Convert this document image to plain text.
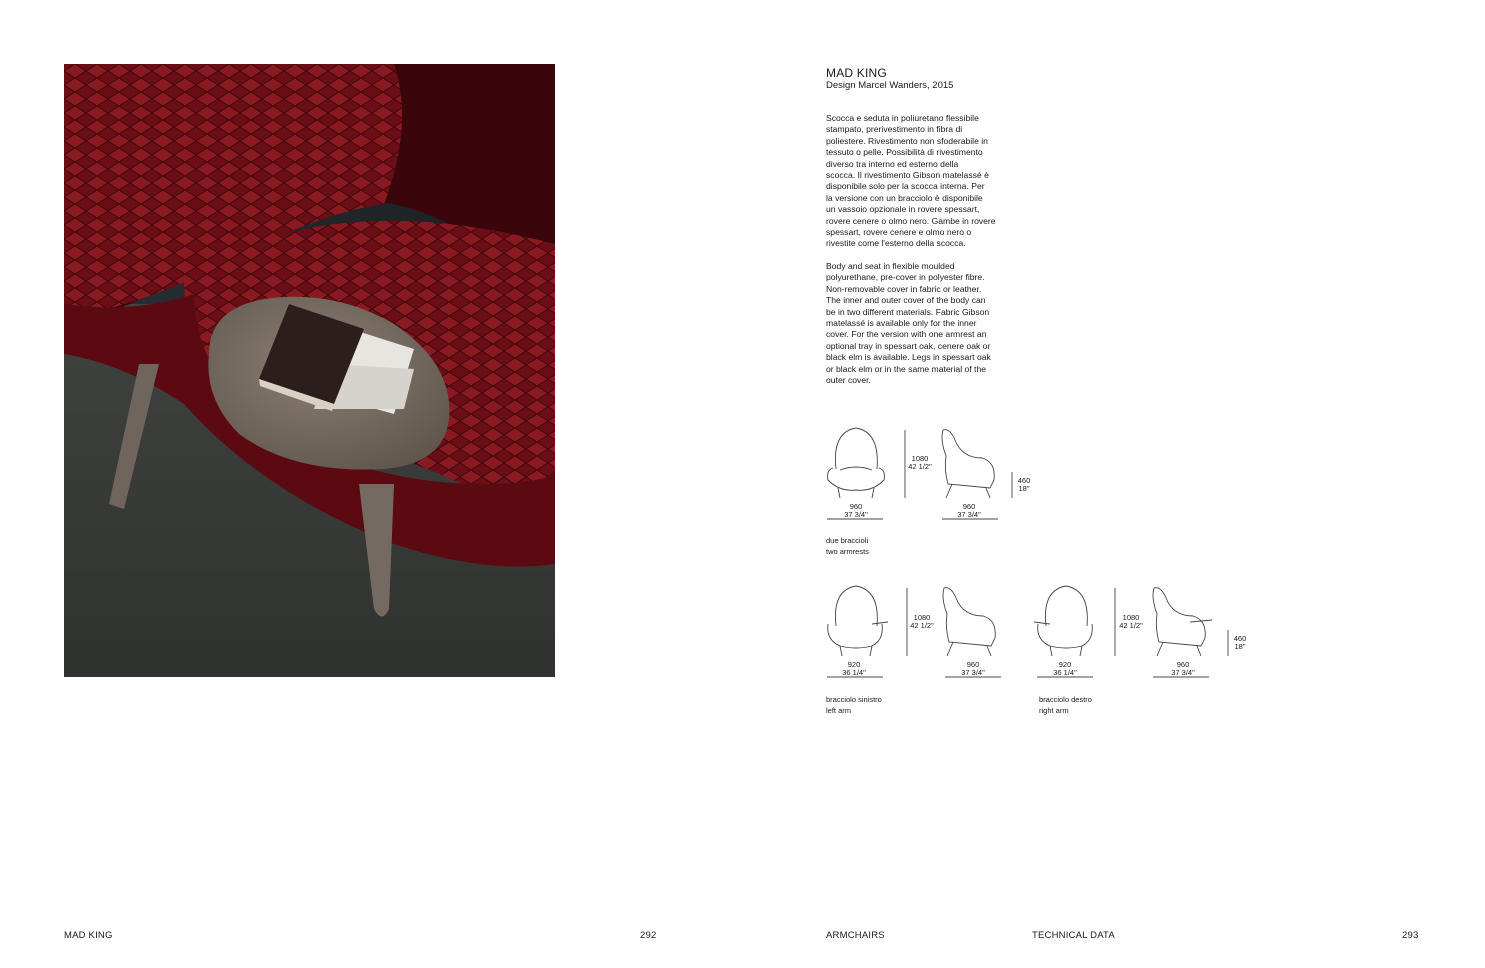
MAD KING
Design Marcel Wanders, 2015
Scocca e seduta in poliuretano flessibile
stampato, prerivestimento in fibra di
poliestere. Rivestimento non sfoderabile in
tessuto o pelle. Possibilità di rivestimento
diverso tra interno ed esterno della
scocca. Il rivestimento Gibson matelassé è
disponibile solo per la scocca interna. Per
la versione con un bracciolo è disponibile
un vassoio opzionale in rovere spessart,
rovere cenere o olmo nero. Gambe in rovere
spessart, rovere cenere e olmo nero o
rivestite come l'esterno della scocca.
Body and seat in flexible moulded
polyurethane, pre-cover in polyester fibre.
Non-removable cover in fabric or leather.
The inner and outer cover of the body can
be in two different materials. Fabric Gibson
matelassé is available only for the inner
cover. For the version with one armrest an
optional tray in spessart oak, cenere oak or
black elm is available. Legs in spessart oak
or black elm or in the same material of the
outer cover.
960
37 3/4"
1080
42 1/2"
960
37 3/4"
460
18"
due braccioli
two armrests
920
36 1/4"
1080
42 1/2"
960
37 3/4"
bracciolo sinistro
left arm
920
36 1/4"
1080
42 1/2"
960
37 3/4"
460
18"
bracciolo destro
right arm
MAD KING	292	ARMCHAIRS	TECHNICAL DATA	293
